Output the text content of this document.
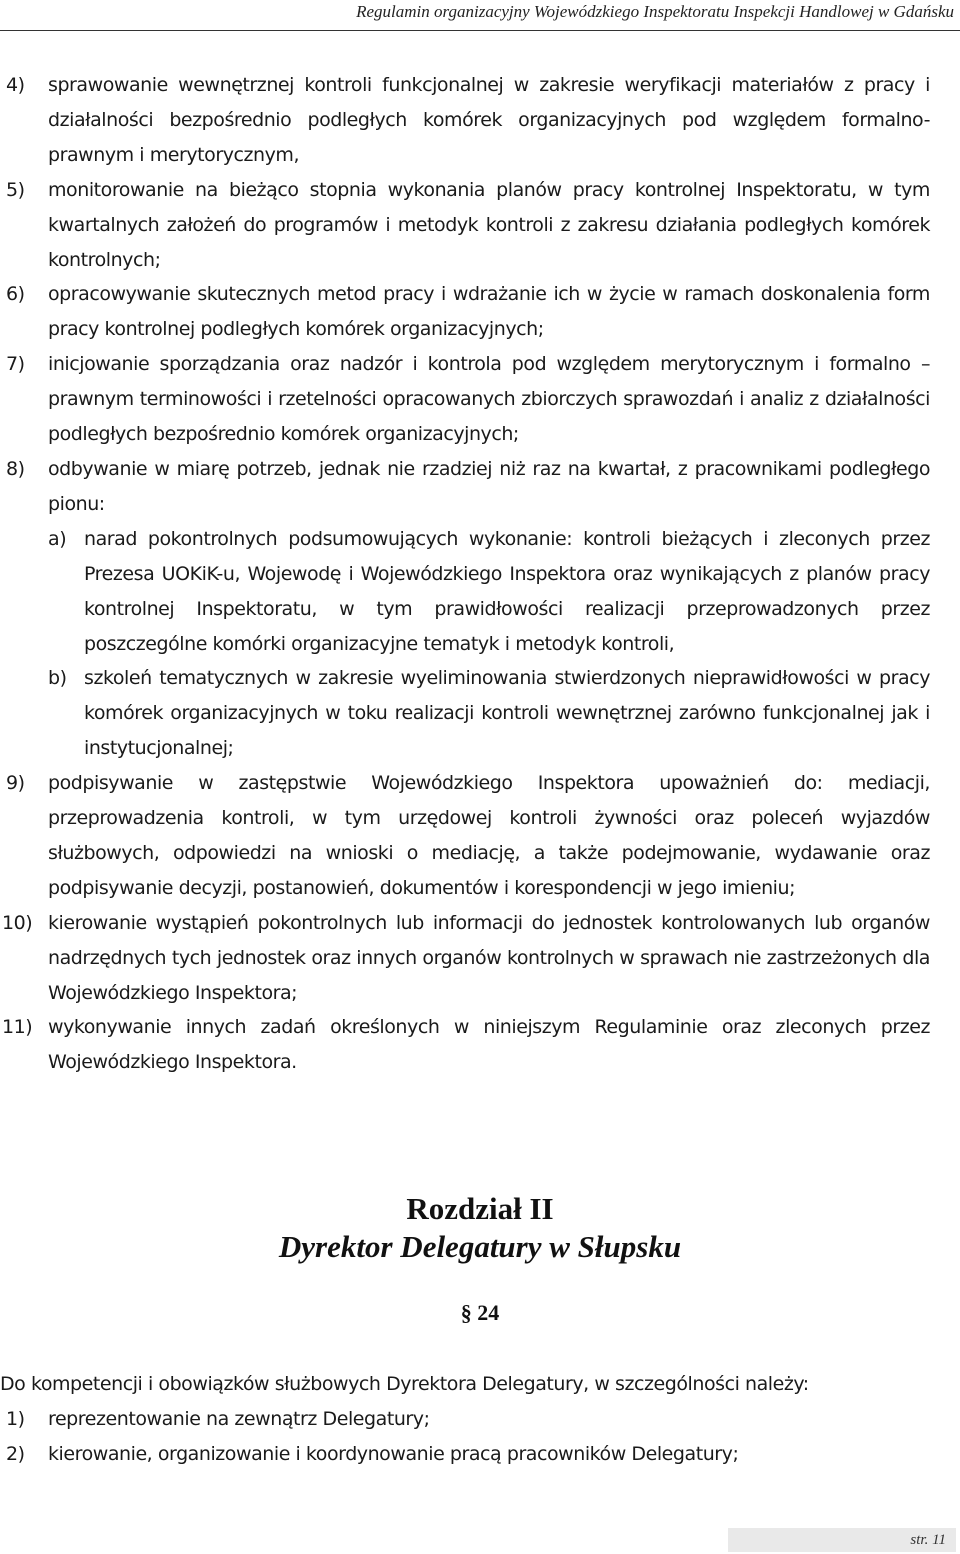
Regulamin organizacyjny Wojewódzkiego Inspektoratu Inspekcji Handlowej w Gdańsku
4) sprawowanie wewnętrznej kontroli funkcjonalnej w zakresie weryfikacji materiałów z pracy i działalności bezpośrednio podległych komórek organizacyjnych pod względem formalno-prawnym i merytorycznym,
5) monitorowanie na bieżąco stopnia wykonania planów pracy kontrolnej Inspektoratu, w tym kwartalnych założeń do programów i metodyk kontroli z zakresu działania podległych komórek kontrolnych;
6) opracowywanie skutecznych metod pracy i wdrażanie ich w życie w ramach doskonalenia form pracy kontrolnej podległych komórek organizacyjnych;
7) inicjowanie sporządzania oraz nadzór i kontrola pod względem merytorycznym i formalno – prawnym terminowości i rzetelności opracowanych zbiorczych sprawozdań i analiz z działalności podległych bezpośrednio komórek organizacyjnych;
8) odbywanie w miarę potrzeb, jednak nie rzadziej niż raz na kwartał, z pracownikami podległego pionu:
a) narad pokontrolnych podsumowujących wykonanie: kontroli bieżących i zleconych przez Prezesa UOKiK-u, Wojewodę i Wojewódzkiego Inspektora oraz wynikających z planów pracy kontrolnej Inspektoratu, w tym prawidłowości realizacji przeprowadzonych przez poszczególne komórki organizacyjne tematyk i metodyk kontroli,
b) szkoleń tematycznych w zakresie wyeliminowania stwierdzonych nieprawidłowości w pracy komórek organizacyjnych w toku realizacji kontroli wewnętrznej zarówno funkcjonalnej jak i instytucjonalnej;
9) podpisywanie w zastępstwie Wojewódzkiego Inspektora upoważnień do: mediacji, przeprowadzenia kontroli, w tym urzędowej kontroli żywności oraz poleceń wyjazdów służbowych, odpowiedzi na wnioski o mediację, a także podejmowanie, wydawanie oraz podpisywanie decyzji, postanowień, dokumentów i korespondencji w jego imieniu;
10) kierowanie wystąpień pokontrolnych lub informacji do jednostek kontrolowanych lub organów nadrzędnych tych jednostek oraz innych organów kontrolnych w sprawach nie zastrzeżonych dla Wojewódzkiego Inspektora;
11) wykonywanie innych zadań określonych w niniejszym Regulaminie oraz zleconych przez Wojewódzkiego Inspektora.
Rozdział II
Dyrektor Delegatury w Słupsku
§ 24
Do kompetencji i obowiązków służbowych Dyrektora Delegatury, w szczególności należy:
1) reprezentowanie na zewnątrz Delegatury;
2) kierowanie, organizowanie i koordynowanie pracą pracowników Delegatury;
str. 11
